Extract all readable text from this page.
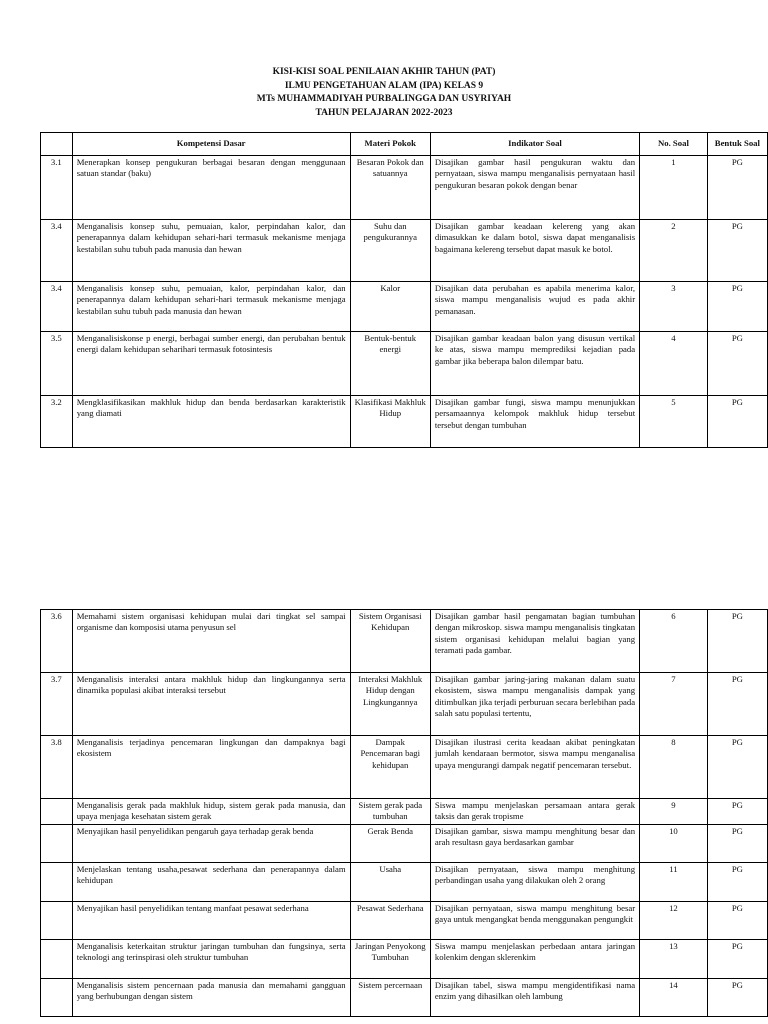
KISI-KISI SOAL PENILAIAN AKHIR TAHUN (PAT)
ILMU PENGETAHUAN ALAM (IPA) KELAS 9
MTs MUHAMMADIYAH PURBALINGGA DAN USYRIYAH
TAHUN PELAJARAN 2022-2023
	Kompetensi Dasar	Materi Pokok	Indikator Soal	No. Soal	Bentuk Soal
3.1	Menerapkan konsep pengukuran berbagai besaran dengan menggunaan satuan standar (baku)	Besaran Pokok dan satuannya	Disajikan gambar hasil pengukuran waktu dan pernyataan, siswa mampu menganalisis pernyataan hasil pengukuran besaran pokok dengan benar	1	PG
3.4	Menganalisis konsep suhu, pemuaian, kalor, perpindahan kalor, dan penerapannya dalam kehidupan sehari-hari termasuk mekanisme menjaga kestabilan suhu tubuh pada manusia dan hewan	Suhu dan pengukurannya	Disajikan gambar keadaan kelereng yang akan dimasukkan ke dalam botol, siswa dapat menganalisis bagaimana kelereng tersebut dapat masuk ke botol.	2	PG
3.4	Menganalisis konsep suhu, pemuaian, kalor, perpindahan kalor, dan penerapannya dalam kehidupan sehari-hari termasuk mekanisme menjaga kestabilan suhu tubuh pada manusia dan hewan	Kalor	Disajikan data perubahan es apabila menerima kalor, siswa mampu menganalisis wujud es pada akhir pemanasan.	3	PG
3.5	Menganalisiskonse p energi, berbagai sumber energi, dan perubahan bentuk energi dalam kehidupan seharihari termasuk fotosintesis	Bentuk-bentuk energi	Disajikan gambar keadaan balon yang disusun vertikal ke atas, siswa mampu memprediksi kejadian pada gambar jika beberapa balon dilempar batu.	4	PG
3.2	Mengklasifikasikan makhluk hidup dan benda berdasarkan karakteristik yang diamati	Klasifikasi Makhluk Hidup	Disajikan gambar fungi, siswa mampu menunjukkan persamaannya kelompok makhluk hidup tersebut tersebut dengan tumbuhan	5	PG
3.6	Memahami sistem organisasi kehidupan mulai dari tingkat sel sampai organisme dan komposisi utama penyusun sel	Sistem Organisasi Kehidupan	Disajikan gambar hasil pengamatan bagian tumbuhan dengan mikroskop. siswa mampu menganalisis tingkatan sistem organisasi kehidupan melalui bagian yang teramati pada gambar.	6	PG
3.7	Menganalisis interaksi antara makhluk hidup dan lingkungannya serta dinamika populasi akibat interaksi tersebut	Interaksi Makhluk Hidup dengan Lingkungannya	Disajikan gambar jaring-jaring makanan dalam suatu ekosistem, siswa mampu menganalisis dampak yang ditimbulkan jika terjadi perburuan secara berlebihan pada salah satu populasi tertentu,	7	PG
3.8	Menganalisis terjadinya pencemaran lingkungan dan dampaknya bagi ekosistem	Dampak Pencemaran bagi kehidupan	Disajikan ilustrasi cerita keadaan akibat peningkatan jumlah kendaraan bermotor, siswa mampu menganalisa upaya mengurangi dampak negatif pencemaran tersebut.	8	PG
	Menganalisis gerak pada makhluk hidup, sistem gerak pada manusia, dan upaya menjaga kesehatan sistem gerak	Sistem gerak pada tumbuhan	Siswa mampu menjelaskan persamaan antara gerak taksis dan gerak tropisme	9	PG
	Menyajikan hasil penyelidikan pengaruh gaya terhadap gerak benda	Gerak Benda	Disajikan gambar, siswa mampu menghitung besar dan arah resultasn gaya berdasarkan gambar	10	PG
	Menjelaskan tentang usaha,pesawat sederhana dan penerapannya dalam kehidupan	Usaha	Disajikan pernyataan, siswa mampu menghitung perbandingan usaha yang dilakukan oleh 2 orang	11	PG
	Menyajikan hasil penyelidikan tentang manfaat pesawat sederhana	Pesawat Sederhana	Disajikan pernyataan, siswa mampu menghitung besar gaya untuk mengangkat benda menggunakan pengungkit	12	PG
	Menganalisis keterkaitan struktur jaringan tumbuhan dan fungsinya, serta teknologi ang terinspirasi oleh struktur tumbuhan	Jaringan Penyokong Tumbuhan	Siswa mampu menjelaskan perbedaan antara jaringan kolenkim dengan sklerenkim	13	PG
	Menganalisis sistem pencernaan pada manusia dan memahami gangguan yang berhubungan dengan sistem	Sistem percernaan	Disajikan tabel, siswa mampu mengidentifikasi nama enzim yang dihasilkan oleh lambung	14	PG
